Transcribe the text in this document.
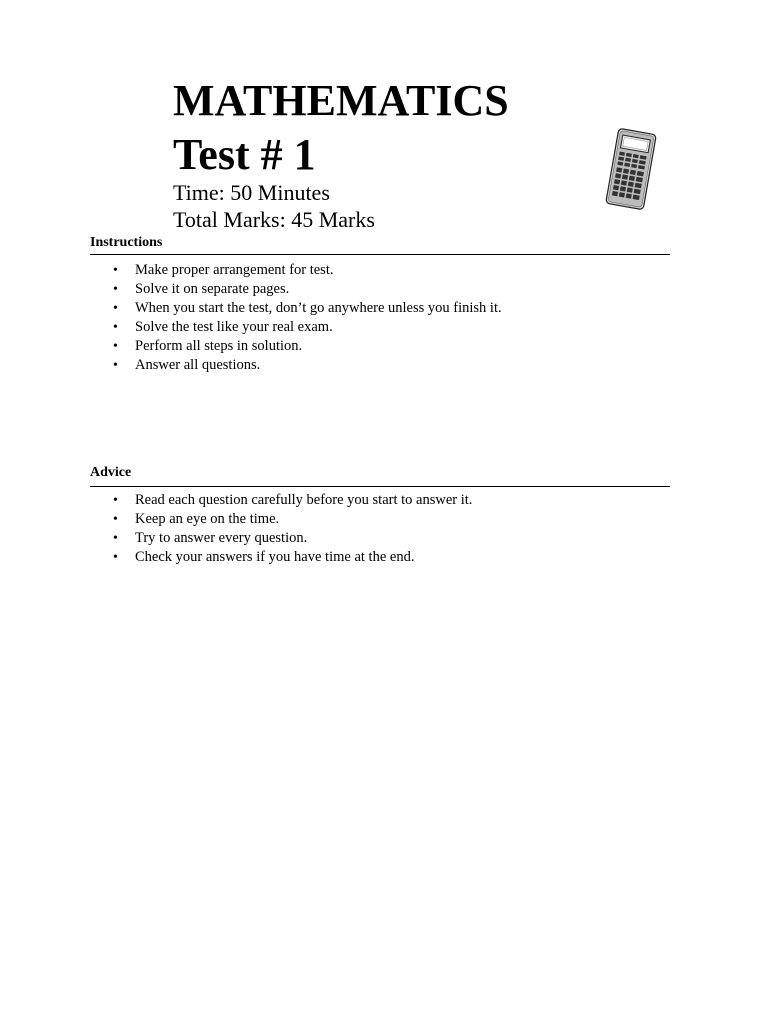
MATHEMATICS
Test # 1
Time: 50 Minutes
Total Marks: 45 Marks
Instructions
• Make proper arrangement for test.
• Solve it on separate pages.
• When you start the test, don’t go anywhere unless you finish it.
• Solve the test like your real exam.
• Perform all steps in solution.
• Answer all questions.
Advice
• Read each question carefully before you start to answer it.
• Keep an eye on the time.
• Try to answer every question.
• Check your answers if you have time at the end.
